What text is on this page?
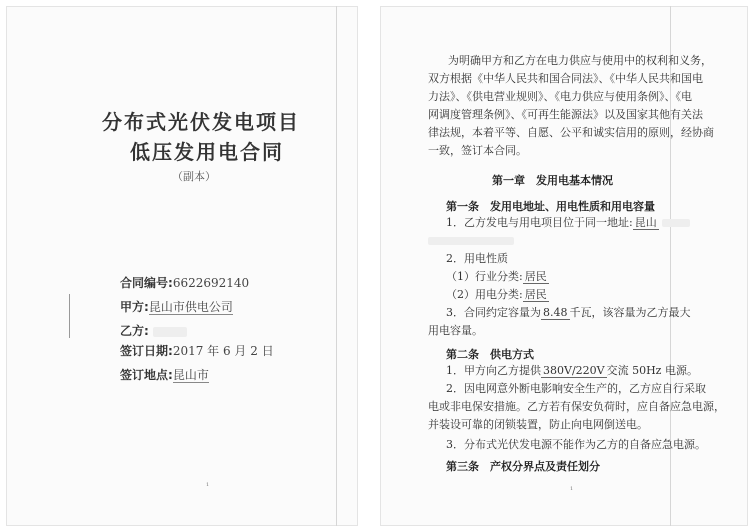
分布式光伏发电项目
低压发用电合同
（副本）
合同编号:6622692140
甲方:昆山市供电公司
乙方:
签订日期:2017 年 6 月 2 日
签订地点:昆山市
1
为明确甲方和乙方在电力供应与使用中的权利和义务，
双方根据《中华人民共和国合同法》、《中华人民共和国电
力法》、《供电营业规则》、《电力供应与使用条例》、《电
网调度管理条例》、《可再生能源法》以及国家其他有关法
律法规，本着平等、自愿、公平和诚实信用的原则，经协商
一致，签订本合同。
第一章　发用电基本情况
第一条　发用电地址、用电性质和用电容量
1．乙方发电与用电项目位于同一地址: 昆山
2．用电性质
（1）行业分类: 居民
（2）用电分类: 居民
3．合同约定容量为 8.48 千瓦，该容量为乙方最大
用电容量。
第二条　供电方式
1．甲方向乙方提供 380V/220V 交流 50Hz 电源。
2．因电网意外断电影响安全生产的，乙方应自行采取
电或非电保安措施。乙方若有保安负荷时，应自备应急电源，
并装设可靠的闭锁装置，防止向电网倒送电。
3．分布式光伏发电源不能作为乙方的自备应急电源。
第三条　产权分界点及责任划分
1
